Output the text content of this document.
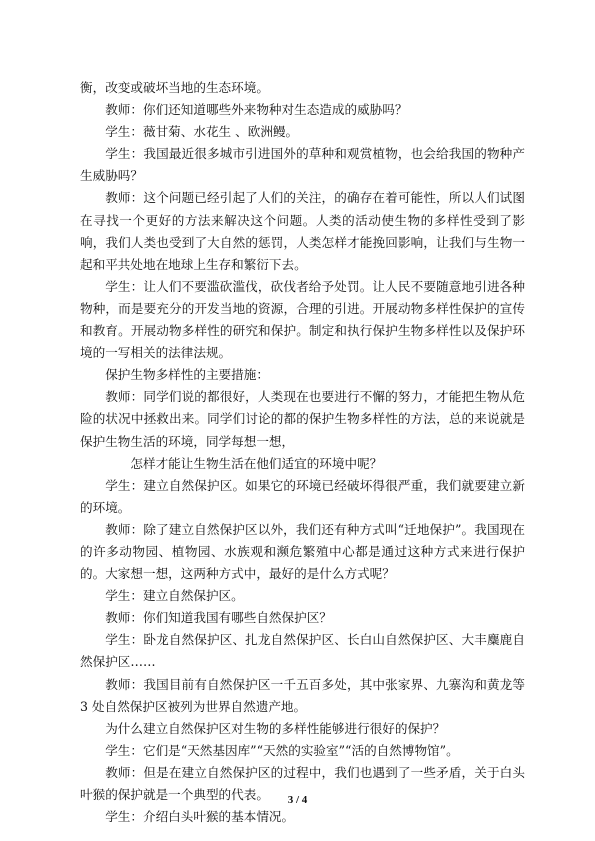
衡，改变或破坏当地的生态环境。

教师：你们还知道哪些外来物种对生态造成的威胁吗？

学生：薇甘菊、水花生 、欧洲鳗。

学生：我国最近很多城市引进国外的草种和观赏植物，也会给我国的物种产生威胁吗？

教师：这个问题已经引起了人们的关注，的确存在着可能性，所以人们试图在寻找一个更好的方法来解决这个问题。人类的活动使生物的多样性受到了影响，我们人类也受到了大自然的惩罚，人类怎样才能挽回影响，让我们与生物一起和平共处地在地球上生存和繁衍下去。

学生：让人们不要滥砍滥伐，砍伐者给予处罚。让人民不要随意地引进各种物种，而是要充分的开发当地的资源，合理的引进。开展动物多样性保护的宣传和教育。开展动物多样性的研究和保护。制定和执行保护生物多样性以及保护环境的一写相关的法律法规。

保护生物多样性的主要措施：

教师：同学们说的都很好，人类现在也要进行不懈的努力，才能把生物从危险的状况中拯救出来。同学们讨论的都的保护生物多样性的方法，总的来说就是保护生物生活的环境，同学每想一想，

怎样才能让生物生活在他们适宜的环境中呢？

学生：建立自然保护区。如果它的环境已经破坏得很严重，我们就要建立新的环境。

教师：除了建立自然保护区以外，我们还有种方式叫“迁地保护”。我国现在的许多动物园、植物园、水族观和濒危繁殖中心都是通过这种方式来进行保护的。大家想一想，这两种方式中，最好的是什么方式呢？

学生：建立自然保护区。

教师：你们知道我国有哪些自然保护区？

学生：卧龙自然保护区、扎龙自然保护区、长白山自然保护区、大丰麋鹿自然保护区……

教师：我国目前有自然保护区一千五百多处，其中张家界、九寨沟和黄龙等 3 处自然保护区被列为世界自然遗产地。

为什么建立自然保护区对生物的多样性能够进行很好的保护？

学生：它们是“天然基因库”“天然的实验室”“活的自然博物馆”。

教师：但是在建立自然保护区的过程中，我们也遇到了一些矛盾，关于白头叶猴的保护就是一个典型的代表。

学生：介绍白头叶猴的基本情况。

3 / 4
